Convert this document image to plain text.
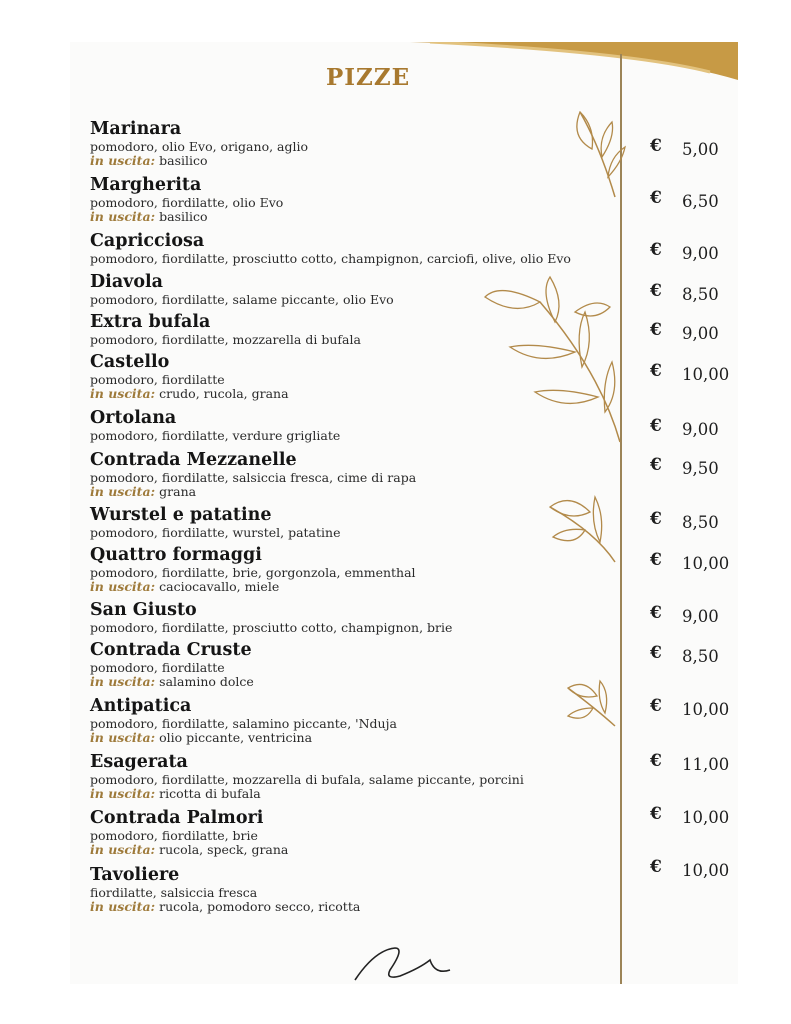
PIZZE
Marinara
pomodoro, olio Evo, origano, aglio
in uscita: basilico
€ 5,00
Margherita
pomodoro, fiordilatte, olio Evo
in uscita: basilico
€ 6,50
Capricciosa
pomodoro, fiordilatte, prosciutto cotto, champignon, carciofi, olive, olio Evo	€ 9,00
Diavola
pomodoro, fiordilatte, salame piccante, olio Evo	€ 8,50
Extra bufala
pomodoro, fiordilatte, mozzarella di bufala	€ 9,00
Castello
pomodoro, fiordilatte
in uscita: crudo, rucola, grana
€ 10,00
Ortolana
pomodoro, fiordilatte, verdure grigliate	€ 9,00
Contrada Mezzanelle
pomodoro, fiordilatte, salsiccia fresca, cime di rapa
in uscita: grana
€ 9,50
Wurstel e patatine
pomodoro, fiordilatte, wurstel, patatine
€ 8,50
Quattro formaggi
pomodoro, fiordilatte, brie, gorgonzola, emmenthal
in uscita: caciocavallo, miele
€ 10,00
San Giusto
pomodoro, fiordilatte, prosciutto cotto, champignon, brie
€ 9,00
Contrada Cruste
pomodoro, fiordilatte
in uscita: salamino dolce
€ 8,50
Antipatica
pomodoro, fiordilatte, salamino piccante, 'Nduja
in uscita: olio piccante, ventricina
€ 10,00
Esagerata
pomodoro, fiordilatte, mozzarella di bufala, salame piccante, porcini
in uscita: ricotta di bufala
€ 11,00
Contrada Palmori
pomodoro, fiordilatte, brie
in uscita: rucola, speck, grana
€ 10,00
Tavoliere
fiordilatte, salsiccia fresca
in uscita: rucola, pomodoro secco, ricotta
€ 10,00
